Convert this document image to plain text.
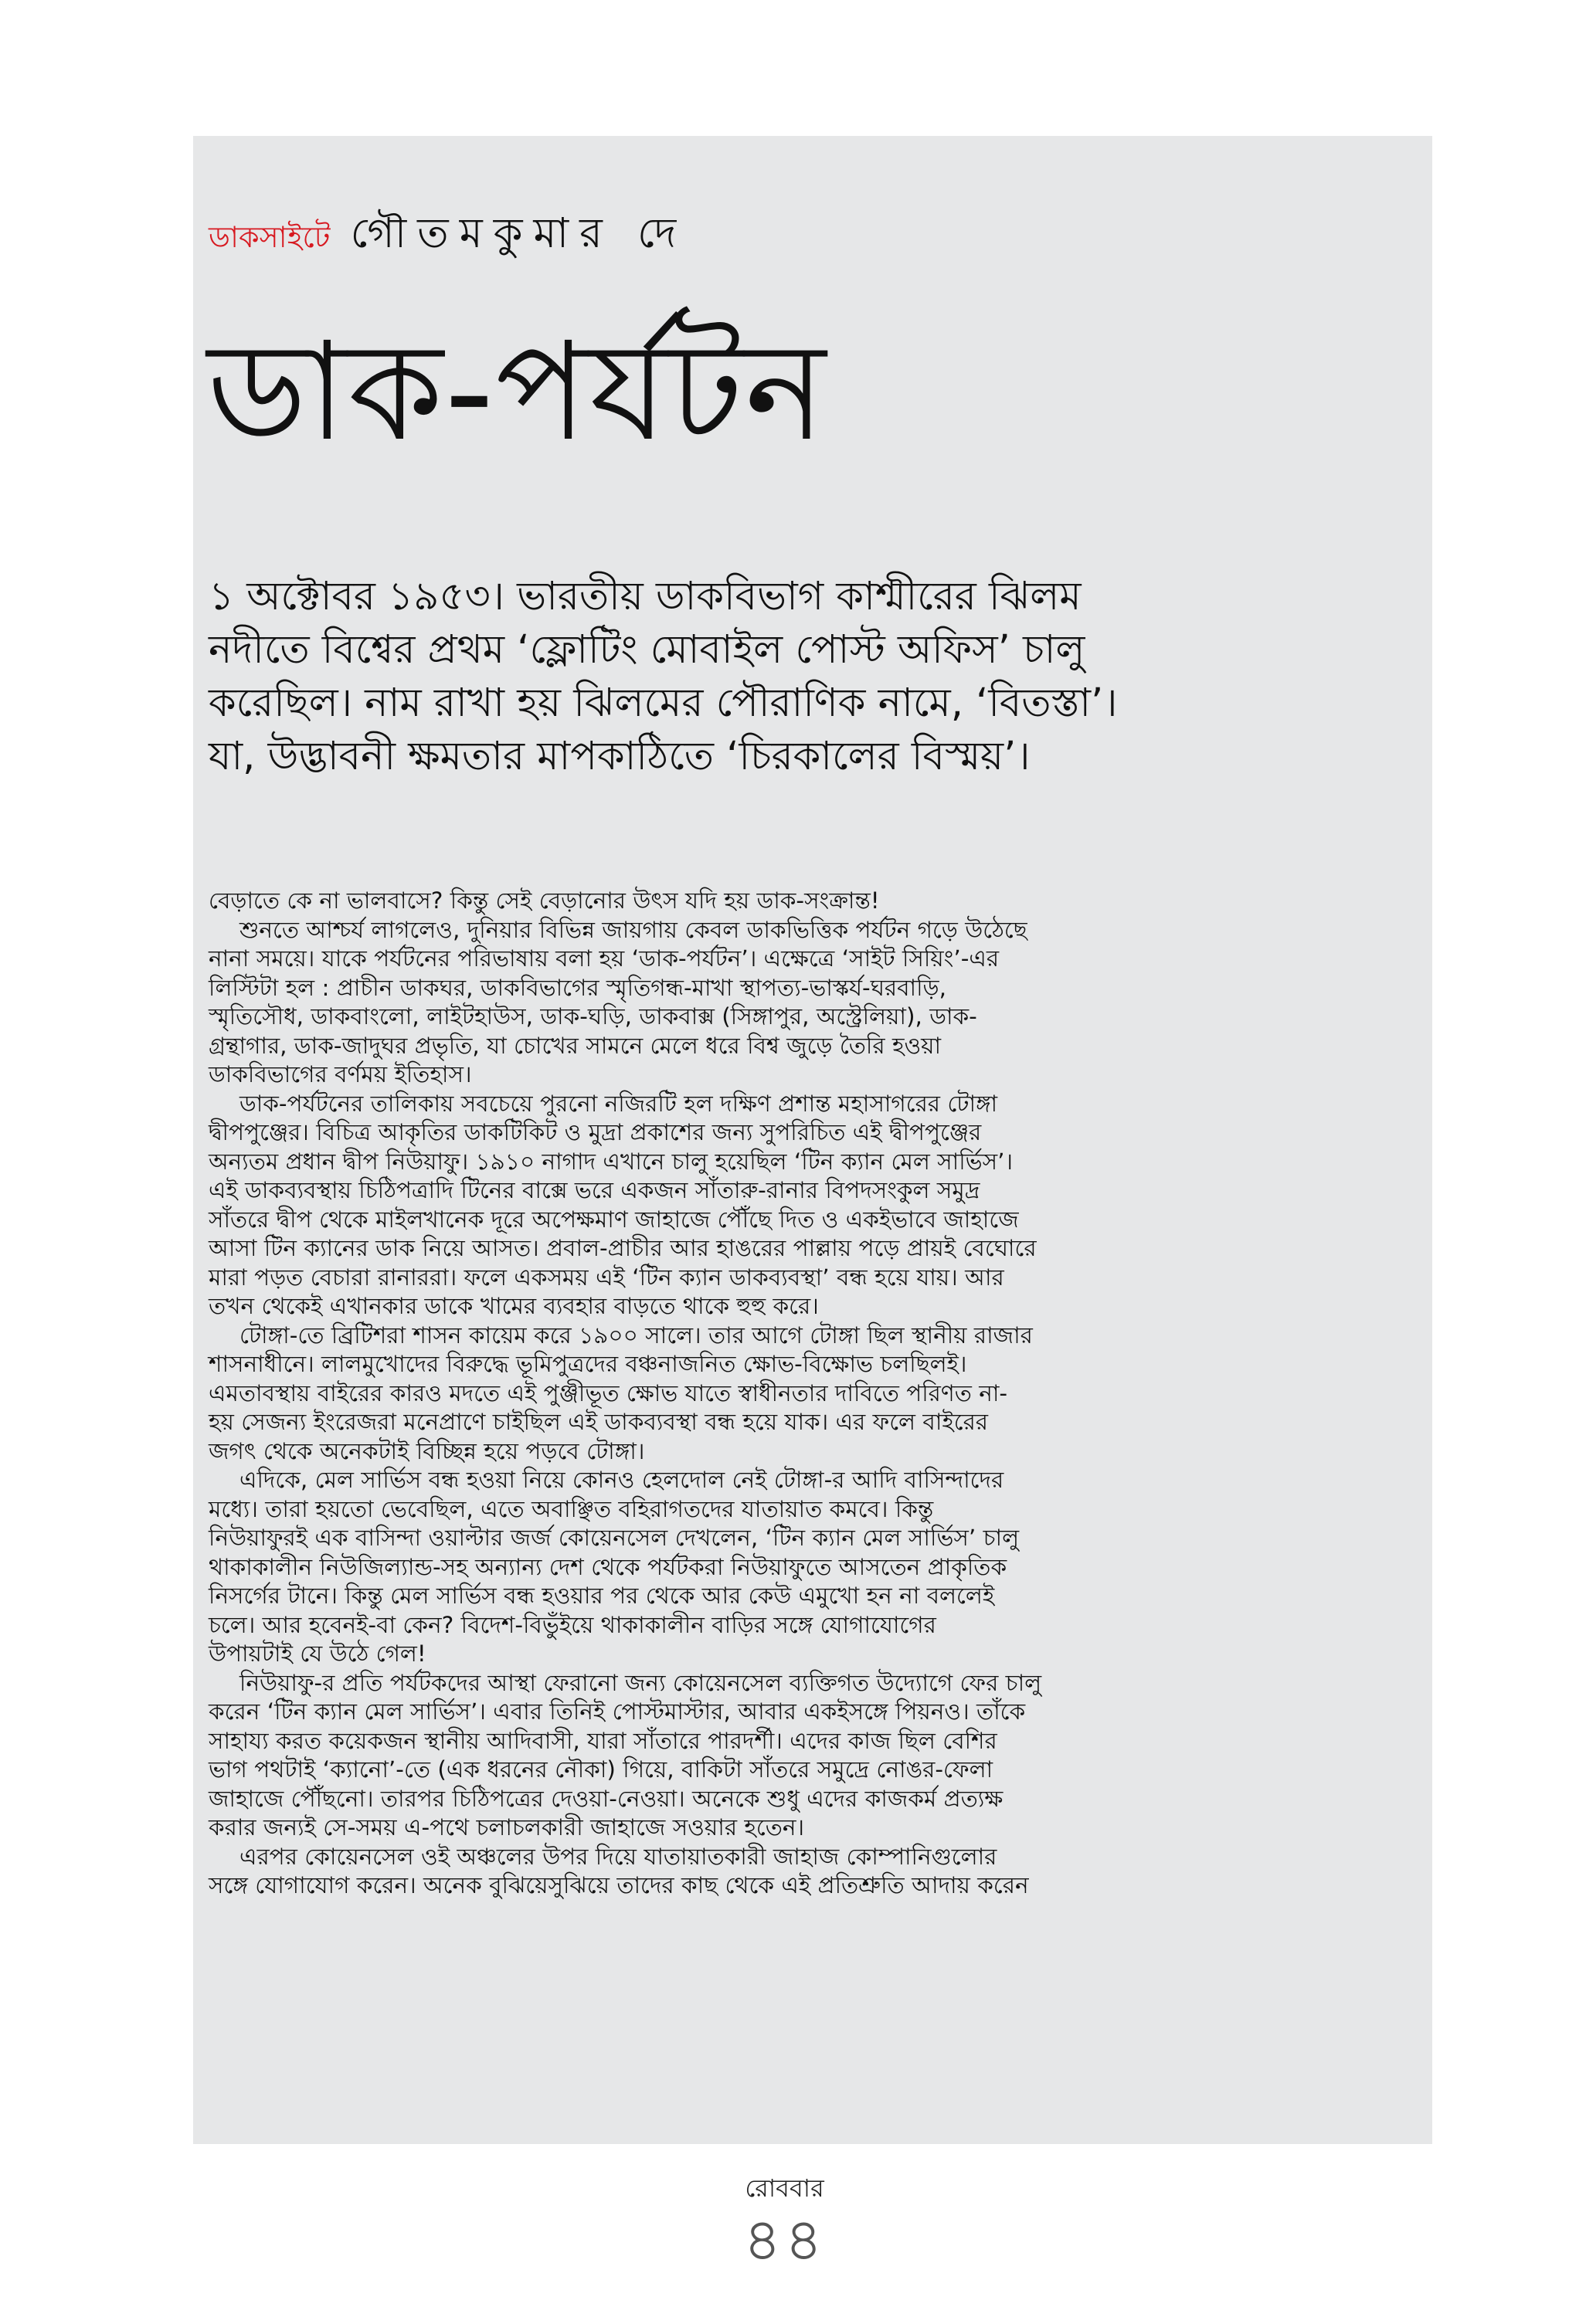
ডাকসাইটে গৌতমকুমার দে
ডাক-পর্যটন

১ অক্টোবর ১৯৫৩। ভারতীয় ডাকবিভাগ কাশ্মীরের ঝিলম

নদীতে বিশ্বের প্রথম ‘ফ্লোটিং মোবাইল পোস্ট অফিস’ চালু

করেছিল। নাম রাখা হয় ঝিলমের পৌরাণিক নামে, ‘বিতস্তা’।

যা, উদ্ভাবনী ক্ষমতার মাপকাঠিতে ‘চিরকালের বিস্ময়’।

বেড়াতে কে না ভালবাসে? কিন্তু সেই বেড়ানোর উৎস যদি হয় ডাক-সংক্রান্ত!

শুনতে আশ্চর্য লাগলেও, দুনিয়ার বিভিন্ন জায়গায় কেবল ডাকভিত্তিক পর্যটন গড়ে উঠেছে

নানা সময়ে। যাকে পর্যটনের পরিভাষায় বলা হয় ‘ডাক-পর্যটন’। এক্ষেত্রে ‘সাইট সিয়িং’-এর

লিস্টিটা হল : প্রাচীন ডাকঘর, ডাকবিভাগের স্মৃতিগন্ধ-মাখা স্থাপত্য-ভাস্কর্য-ঘরবাড়ি,

স্মৃতিসৌধ, ডাকবাংলো, লাইটহাউস, ডাক-ঘড়ি, ডাকবাক্স (সিঙ্গাপুর, অস্ট্রেলিয়া), ডাক-

গ্রন্থাগার, ডাক-জাদুঘর প্রভৃতি, যা চোখের সামনে মেলে ধরে বিশ্ব জুড়ে তৈরি হওয়া

ডাকবিভাগের বর্ণময় ইতিহাস।

ডাক-পর্যটনের তালিকায় সবচেয়ে পুরনো নজিরটি হল দক্ষিণ প্রশান্ত মহাসাগরের টোঙ্গা

দ্বীপপুঞ্জের। বিচিত্র আকৃতির ডাকটিকিট ও মুদ্রা প্রকাশের জন্য সুপরিচিত এই দ্বীপপুঞ্জের

অন্যতম প্রধান দ্বীপ নিউয়াফু। ১৯১০ নাগাদ এখানে চালু হয়েছিল ‘টিন ক্যান মেল সার্ভিস’।

এই ডাকব্যবস্থায় চিঠিপত্রাদি টিনের বাক্সে ভরে একজন সাঁতারু-রানার বিপদসংকুল সমুদ্র

সাঁতরে দ্বীপ থেকে মাইলখানেক দূরে অপেক্ষমাণ জাহাজে পৌঁছে দিত ও একইভাবে জাহাজে

আসা টিন ক্যানের ডাক নিয়ে আসত। প্রবাল-প্রাচীর আর হাঙরের পাল্লায় পড়ে প্রায়ই বেঘোরে

মারা পড়ত বেচারা রানাররা। ফলে একসময় এই ‘টিন ক্যান ডাকব্যবস্থা’ বন্ধ হয়ে যায়। আর

তখন থেকেই এখানকার ডাকে খামের ব্যবহার বাড়তে থাকে হুহু করে।

টোঙ্গা-তে ব্রিটিশরা শাসন কায়েম করে ১৯০০ সালে। তার আগে টোঙ্গা ছিল স্থানীয় রাজার

শাসনাধীনে। লালমুখোদের বিরুদ্ধে ভূমিপুত্রদের বঞ্চনাজনিত ক্ষোভ-বিক্ষোভ চলছিলই।

এমতাবস্থায় বাইরের কারও মদতে এই পুঞ্জীভূত ক্ষোভ যাতে স্বাধীনতার দাবিতে পরিণত না-

হয় সেজন্য ইংরেজরা মনেপ্রাণে চাইছিল এই ডাকব্যবস্থা বন্ধ হয়ে যাক। এর ফলে বাইরের

জগৎ থেকে অনেকটাই বিচ্ছিন্ন হয়ে পড়বে টোঙ্গা।

এদিকে, মেল সার্ভিস বন্ধ হওয়া নিয়ে কোনও হেলদোল নেই টোঙ্গা-র আদি বাসিন্দাদের

মধ্যে। তারা হয়তো ভেবেছিল, এতে অবাঞ্ছিত বহিরাগতদের যাতায়াত কমবে। কিন্তু

নিউয়াফুরই এক বাসিন্দা ওয়াল্টার জর্জ কোয়েনসেল দেখলেন, ‘টিন ক্যান মেল সার্ভিস’ চালু

থাকাকালীন নিউজিল্যান্ড-সহ অন্যান্য দেশ থেকে পর্যটকরা নিউয়াফুতে আসতেন প্রাকৃতিক

নিসর্গের টানে। কিন্তু মেল সার্ভিস বন্ধ হওয়ার পর থেকে আর কেউ এমুখো হন না বললেই

চলে। আর হবেনই-বা কেন? বিদেশ-বিভুঁইয়ে থাকাকালীন বাড়ির সঙ্গে যোগাযোগের

উপায়টাই যে উঠে গেল!

নিউয়াফু-র প্রতি পর্যটকদের আস্থা ফেরানো জন্য কোয়েনসেল ব্যক্তিগত উদ্যোগে ফের চালু

করেন ‘টিন ক্যান মেল সার্ভিস’। এবার তিনিই পোস্টমাস্টার, আবার একইসঙ্গে পিয়নও। তাঁকে

সাহায্য করত কয়েকজন স্থানীয় আদিবাসী, যারা সাঁতারে পারদর্শী। এদের কাজ ছিল বেশির

ভাগ পথটাই ‘ক্যানো’-তে (এক ধরনের নৌকা) গিয়ে, বাকিটা সাঁতরে সমুদ্রে নোঙর-ফেলা

জাহাজে পৌঁছনো। তারপর চিঠিপত্রের দেওয়া-নেওয়া। অনেকে শুধু এদের কাজকর্ম প্রত্যক্ষ

করার জন্যই সে-সময় এ-পথে চলাচলকারী জাহাজে সওয়ার হতেন।

এরপর কোয়েনসেল ওই অঞ্চলের উপর দিয়ে যাতায়াতকারী জাহাজ কোম্পানিগুলোর

সঙ্গে যোগাযোগ করেন। অনেক বুঝিয়েসুঝিয়ে তাদের কাছ থেকে এই প্রতিশ্রুতি আদায় করেন

রোববার
৪৪
